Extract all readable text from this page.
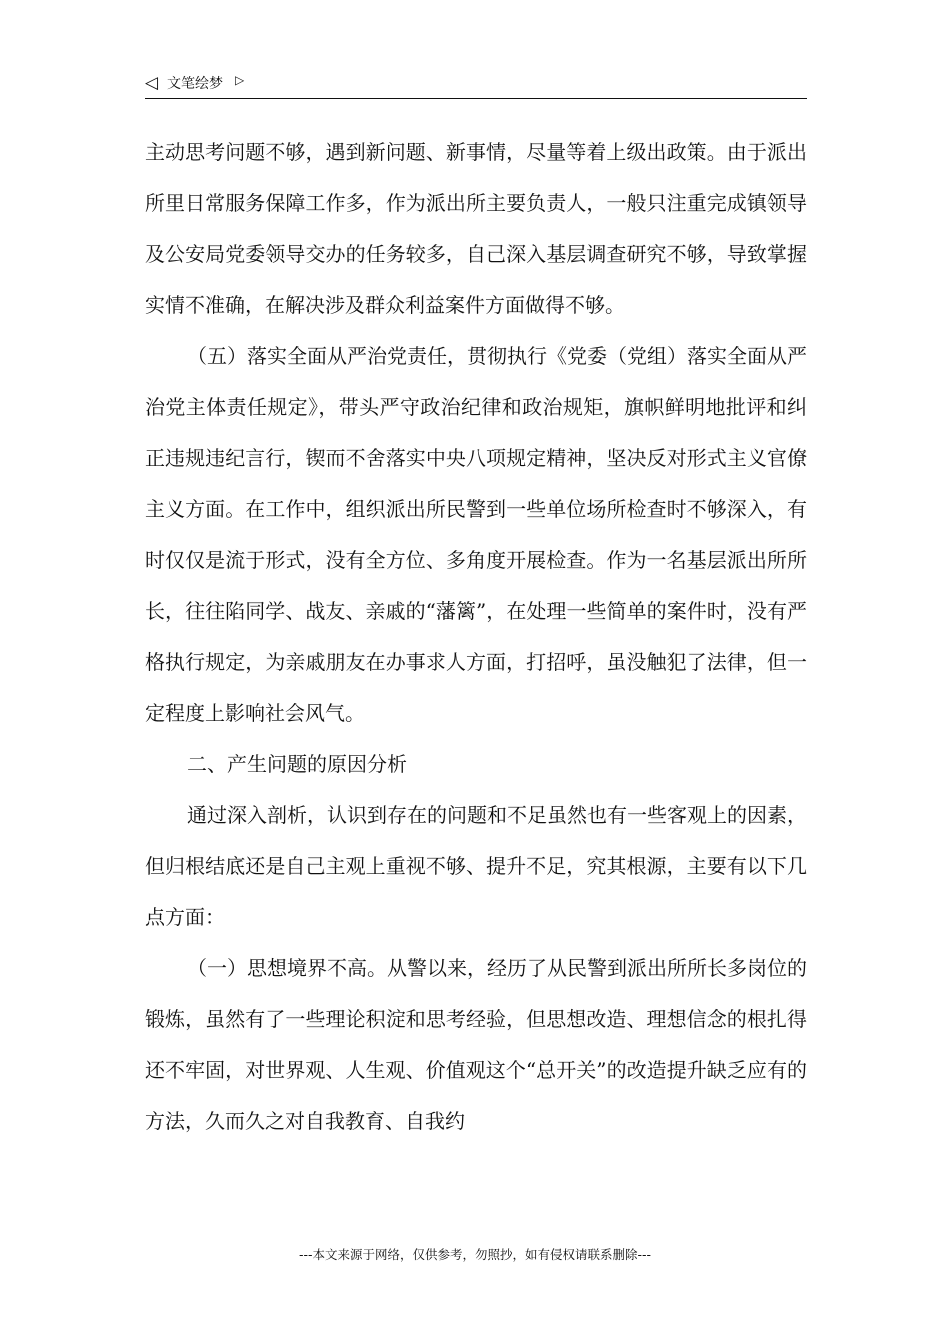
◁ 文笔绘梦 ▷

主动思考问题不够，遇到新问题、新事情，尽量等着上级出政策。由于派出所里日常服务保障工作多，作为派出所主要负责人，一般只注重完成镇领导及公安局党委领导交办的任务较多，自己深入基层调查研究不够，导致掌握实情不准确，在解决涉及群众利益案件方面做得不够。

（五）落实全面从严治党责任，贯彻执行《党委（党组）落实全面从严治党主体责任规定》，带头严守政治纪律和政治规矩，旗帜鲜明地批评和纠正违规违纪言行，锲而不舍落实中央八项规定精神，坚决反对形式主义官僚主义方面。在工作中，组织派出所民警到一些单位场所检查时不够深入，有时仅仅是流于形式，没有全方位、多角度开展检查。作为一名基层派出所所长，往往陷同学、战友、亲戚的“藩篱”，在处理一些简单的案件时，没有严格执行规定，为亲戚朋友在办事求人方面，打招呼，虽没触犯了法律，但一定程度上影响社会风气。

二、产生问题的原因分析

通过深入剖析，认识到存在的问题和不足虽然也有一些客观上的因素，但归根结底还是自己主观上重视不够、提升不足，究其根源，主要有以下几点方面：

（一）思想境界不高。从警以来，经历了从民警到派出所所长多岗位的锻炼，虽然有了一些理论积淀和思考经验，但思想改造、理想信念的根扎得还不牢固，对世界观、人生观、价值观这个“总开关”的改造提升缺乏应有的方法，久而久之对自我教育、自我约

---本文来源于网络，仅供参考，勿照抄，如有侵权请联系删除---
